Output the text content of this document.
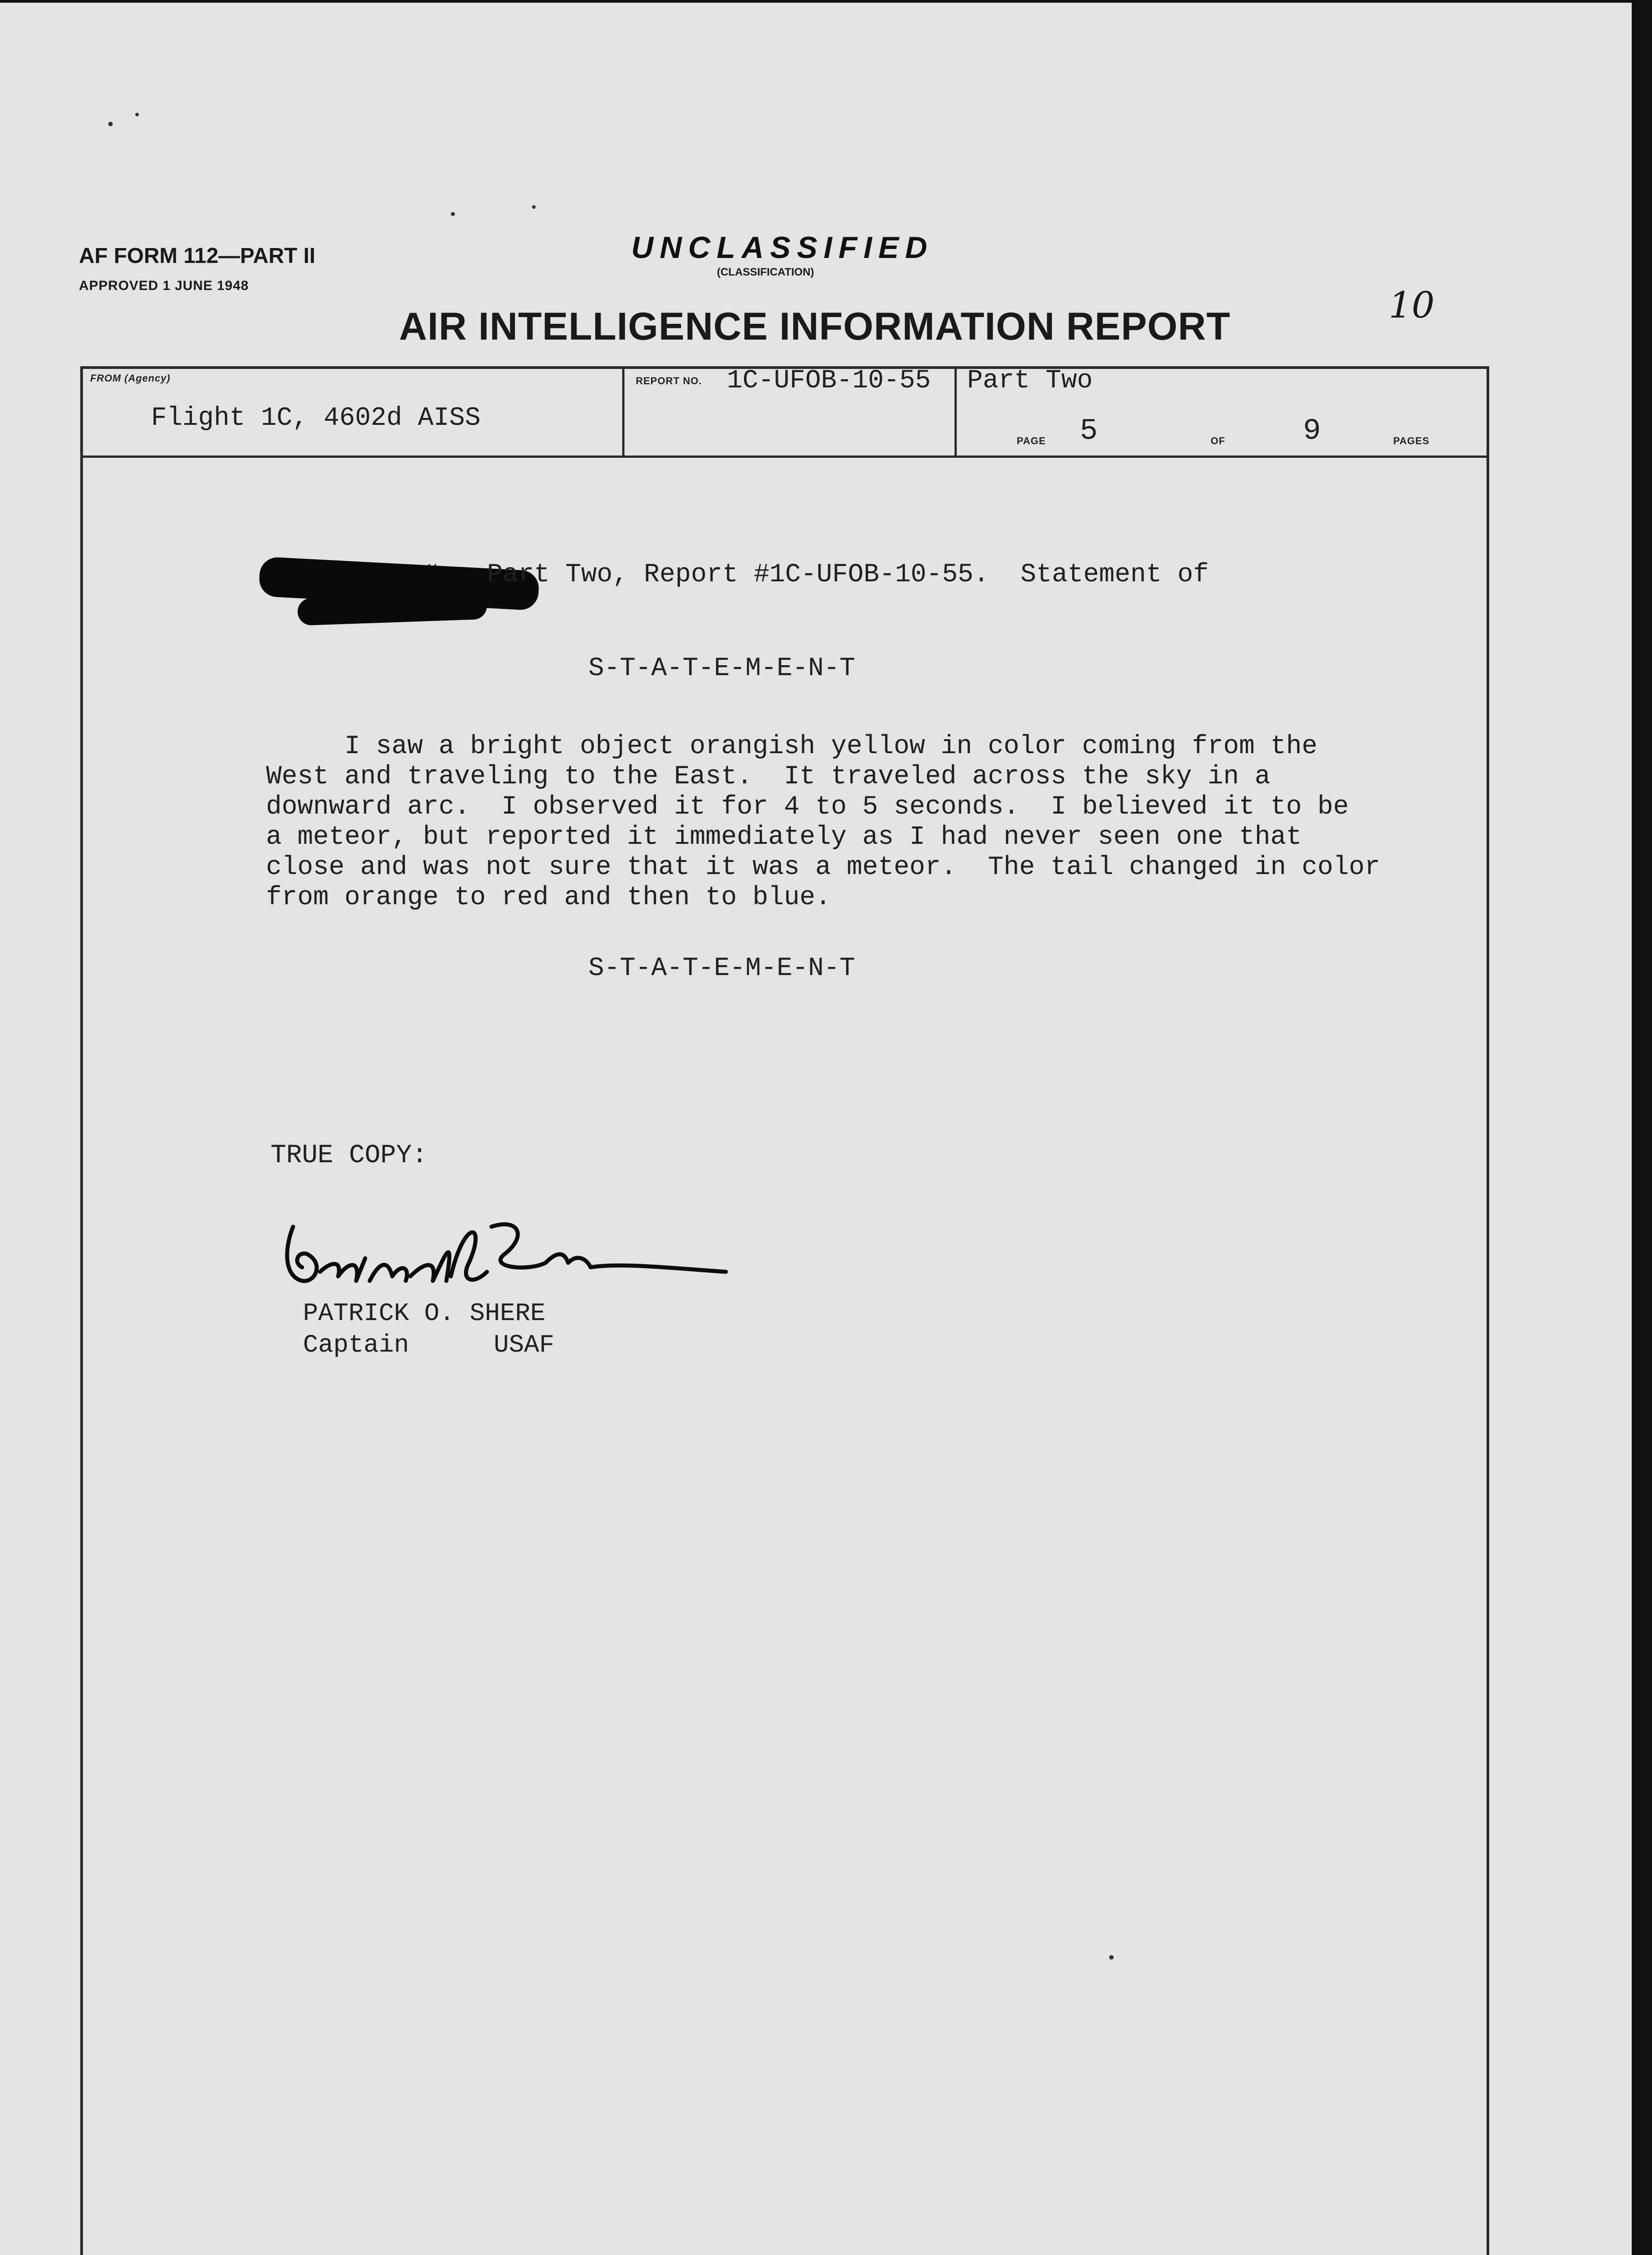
AF FORM 112—PART II
APPROVED 1 JUNE 1948
UNCLASSIFIED
(CLASSIFICATION)
AIR INTELLIGENCE INFORMATION REPORT	10
FROM (Agency)
Flight 1C, 4602d AISS
REPORT NO. 1C-UFOB-10-55 Part Two
PAGE 5	OF	9	PAGES
Part Two, Report #1C-UFOB-10-55.  Statement of
S-T-A-T-E-M-E-N-T
I saw a bright object orangish yellow in color coming from the
West and traveling to the East.  It traveled across the sky in a
downward arc.  I observed it for 4 to 5 seconds.  I believed it to be
a meteor, but reported it immediately as I had never seen one that
close and was not sure that it was a meteor.  The tail changed in color
from orange to red and then to blue.
S-T-A-T-E-M-E-N-T
TRUE COPY:
PATRICK O. SHERE
Captain	USAF
